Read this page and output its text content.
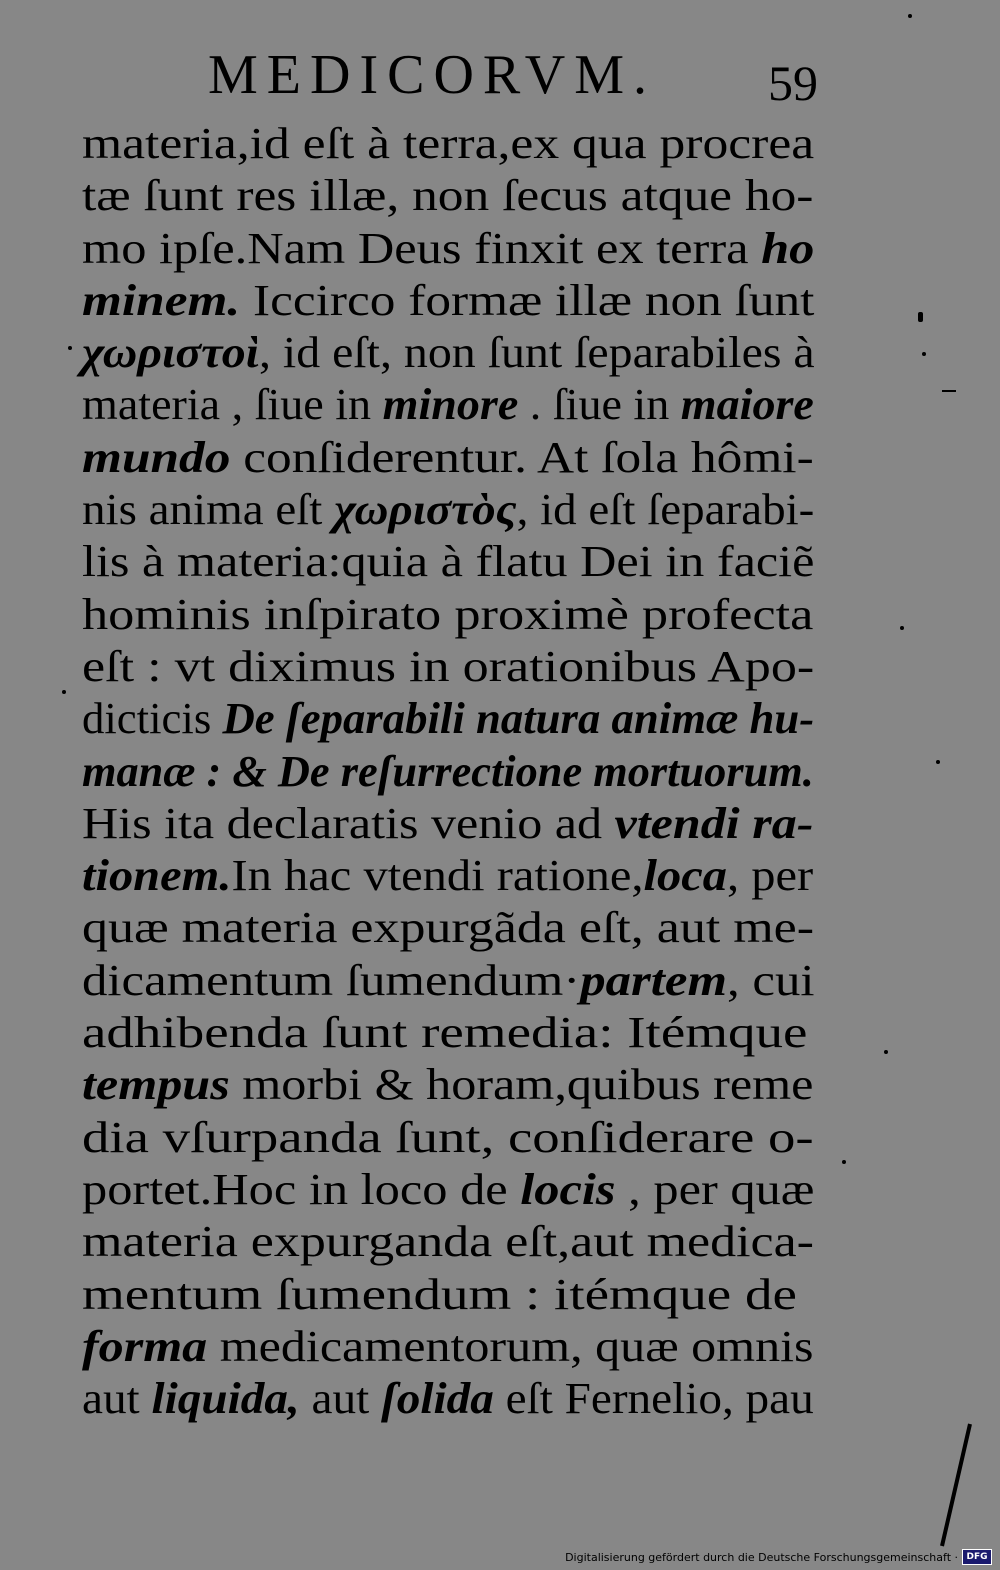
MEDICORVM. 59
materia,id eſt à terra,ex qua procrea
tæ ſunt res illæ, non ſecus atque ho-
mo ipſe.Nam Deus finxit ex terra ho
minem. Iccirco formæ illæ non ſunt
χωριστοὶ, id eſt, non ſunt ſeparabiles à
materia , ſiue in minore . ſiue in maiore
mundo conſiderentur. At ſola hômi-
nis anima eſt χωριστὸς, id eſt ſeparabi-
lis à materia:quia à flatu Dei in faciẽ
hominis inſpirato proximè profecta
eſt : vt diximus in orationibus Apo-
dicticis De ſeparabili natura animæ hu-
manæ : & De reſurrectione mortuorum.
His ita declaratis venio ad vtendi ra-
tionem.In hac vtendi ratione,loca, per
quæ materia expurgãda eſt, aut me-
dicamentum ſumendum·partem, cui
adhibenda ſunt remedia: Itémque
tempus morbi & horam,quibus reme
dia vſurpanda ſunt, conſiderare o-
portet.Hoc in loco de locis , per quæ
materia expurganda eſt,aut medica-
mentum ſumendum : itémque de
forma medicamentorum, quæ omnis
aut liquida, aut ſolida eſt Fernelio, pau
Digitalisierung gefördert durch die Deutsche Forschungsgemeinschaft · DFG
